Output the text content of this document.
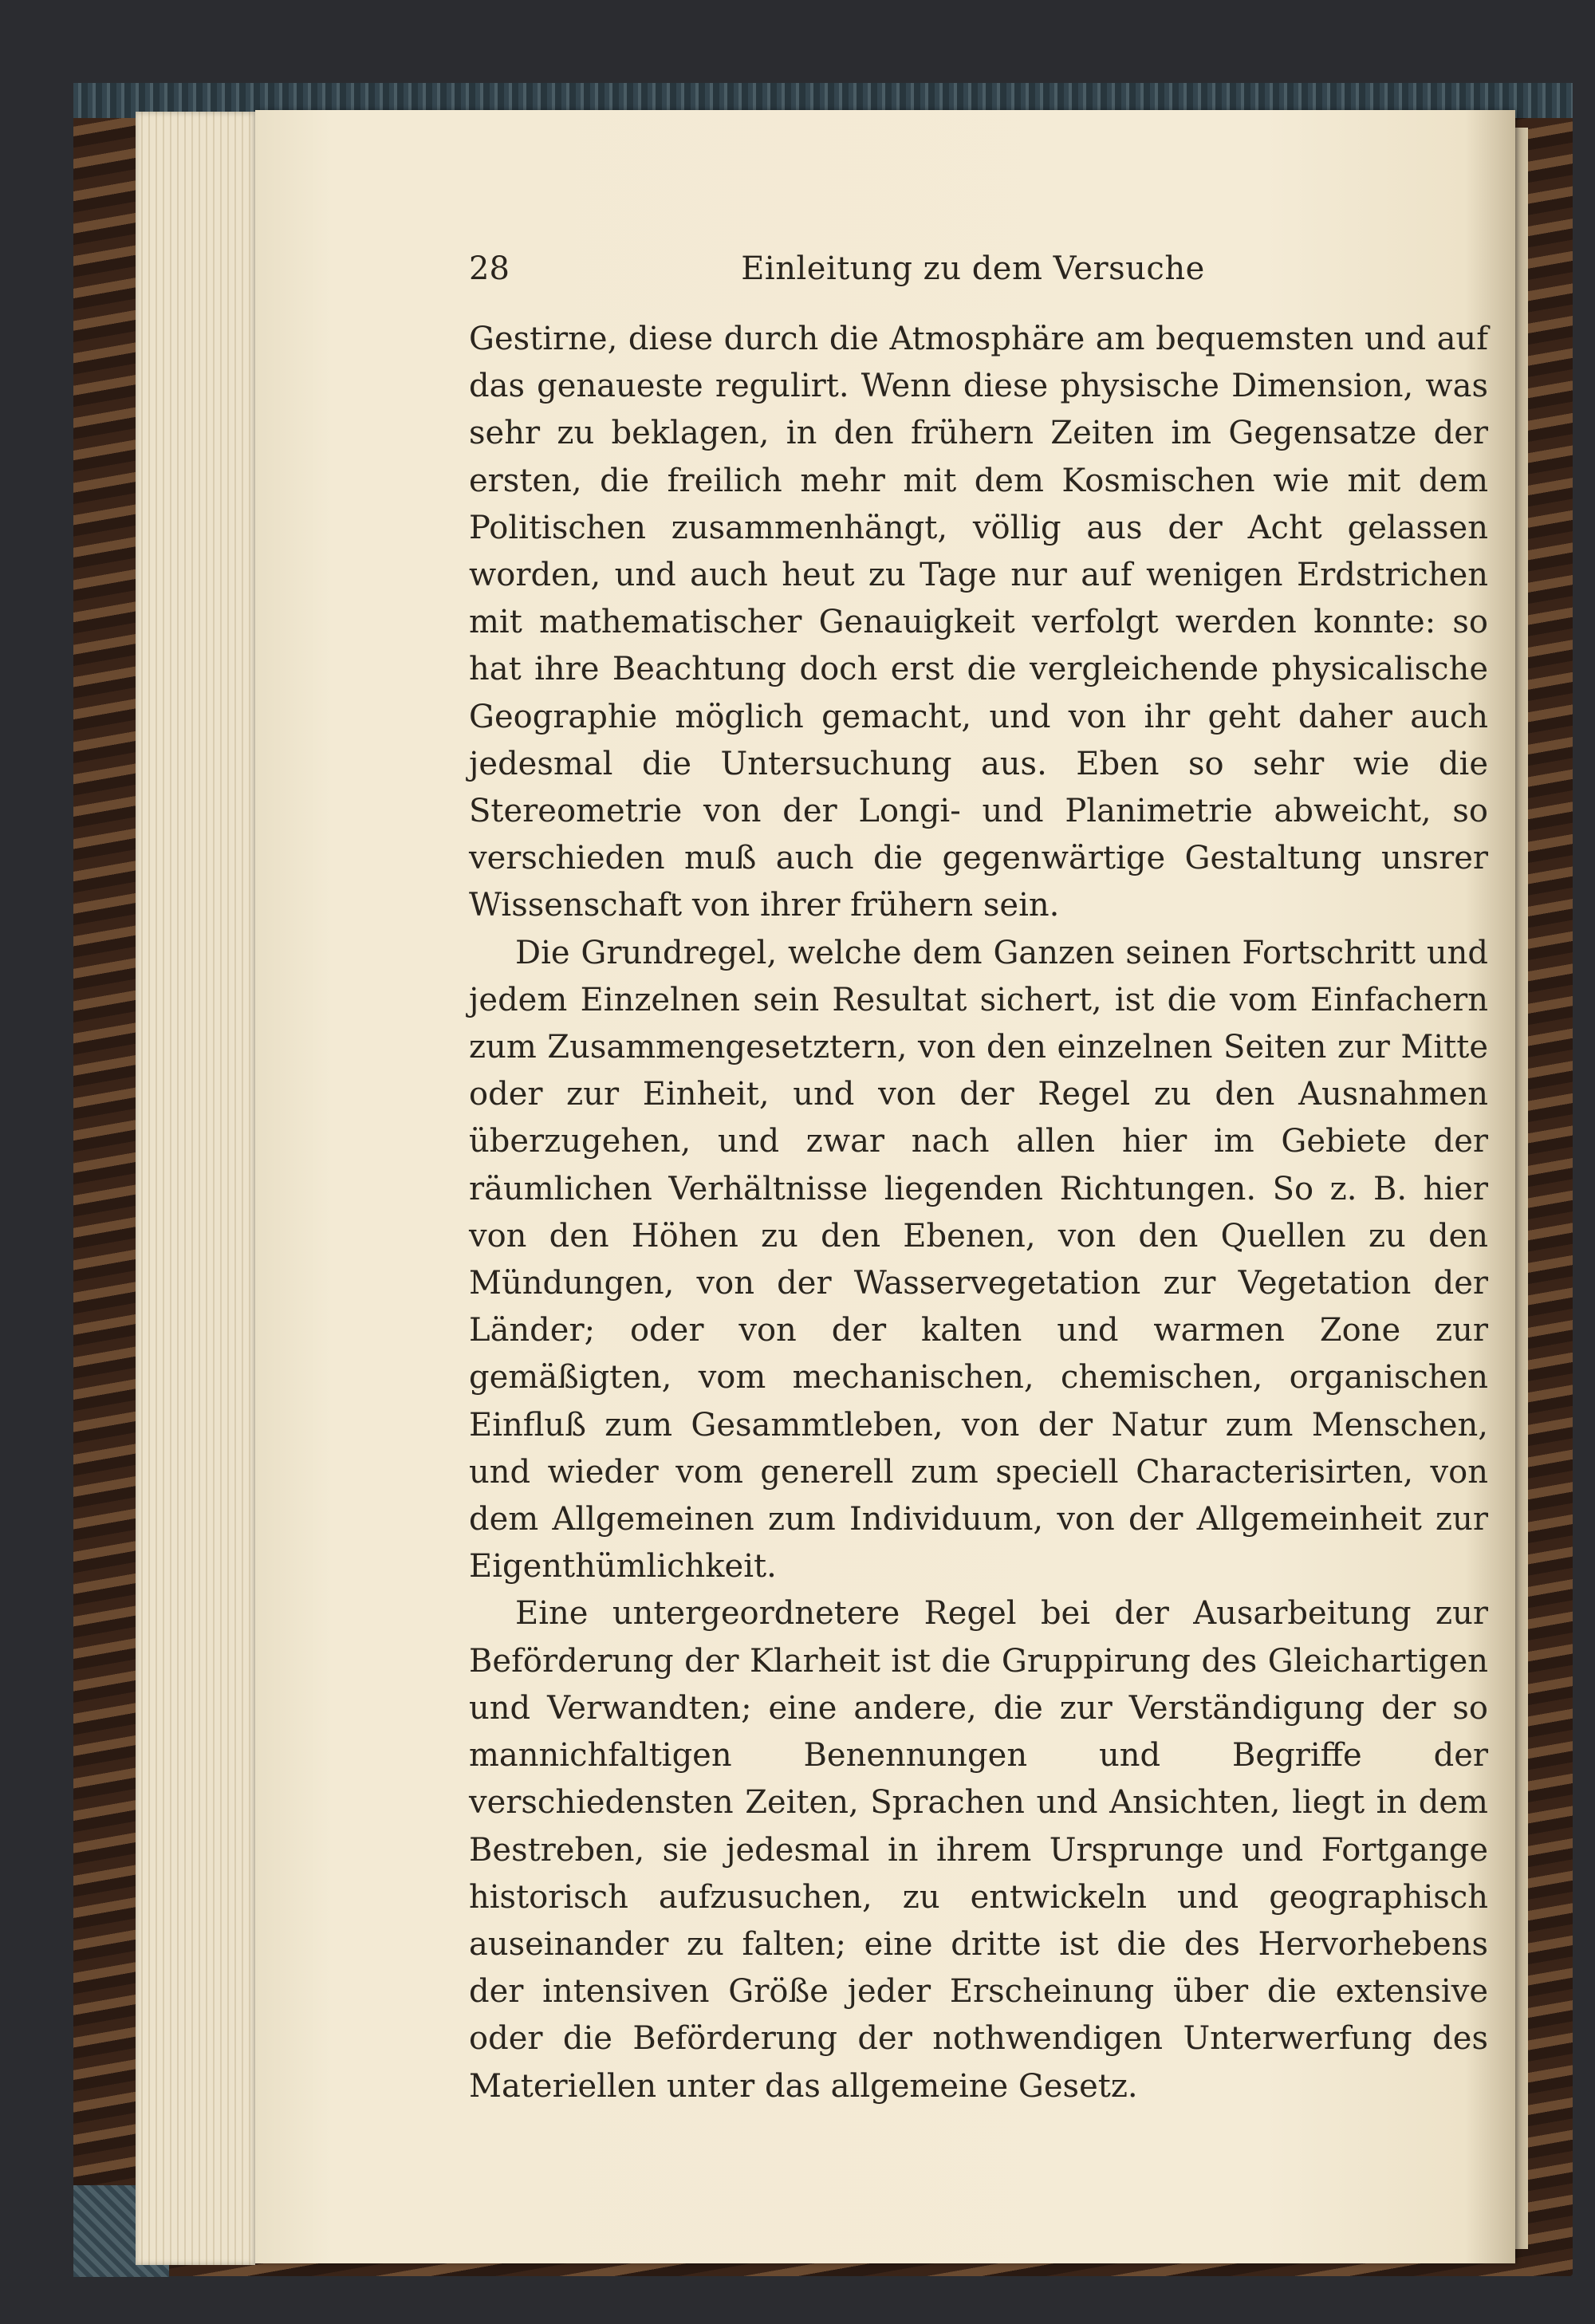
28	Einleitung zu dem Versuche

Gestirne, diese durch die Atmosphäre am bequemsten und auf das genaueste regulirt. Wenn diese physische Dimension, was sehr zu beklagen, in den frühern Zeiten im Gegensatze der ersten, die freilich mehr mit dem Kosmischen wie mit dem Politischen zusammenhängt, völlig aus der Acht gelassen worden, und auch heut zu Tage nur auf wenigen Erdstrichen mit mathematischer Genauigkeit verfolgt werden konnte: so hat ihre Beachtung doch erst die vergleichende physicalische Geographie möglich gemacht, und von ihr geht daher auch jedesmal die Untersuchung aus. Eben so sehr wie die Stereometrie von der Longi- und Planimetrie abweicht, so verschieden muß auch die gegenwärtige Gestaltung unsrer Wissenschaft von ihrer frühern sein.

Die Grundregel, welche dem Ganzen seinen Fortschritt und jedem Einzelnen sein Resultat sichert, ist die vom Einfachern zum Zusammengesetztern, von den einzelnen Seiten zur Mitte oder zur Einheit, und von der Regel zu den Ausnahmen überzugehen, und zwar nach allen hier im Gebiete der räumlichen Verhältnisse liegenden Richtungen. So z. B. hier von den Höhen zu den Ebenen, von den Quellen zu den Mündungen, von der Wasservegetation zur Vegetation der Länder; oder von der kalten und warmen Zone zur gemäßigten, vom mechanischen, chemischen, organischen Einfluß zum Gesammtleben, von der Natur zum Menschen, und wieder vom generell zum speciell Characterisirten, von dem Allgemeinen zum Individuum, von der Allgemeinheit zur Eigenthümlichkeit.

Eine untergeordnetere Regel bei der Ausarbeitung zur Beförderung der Klarheit ist die Gruppirung des Gleichartigen und Verwandten; eine andere, die zur Verständigung der so mannichfaltigen Benennungen und Begriffe der verschiedensten Zeiten, Sprachen und Ansichten, liegt in dem Bestreben, sie jedesmal in ihrem Ursprunge und Fortgange historisch aufzusuchen, zu entwickeln und geographisch auseinander zu falten; eine dritte ist die des Hervorhebens der intensiven Größe jeder Erscheinung über die extensive oder die Beförderung der nothwendigen Unterwerfung des Materiellen unter das allgemeine Gesetz.
